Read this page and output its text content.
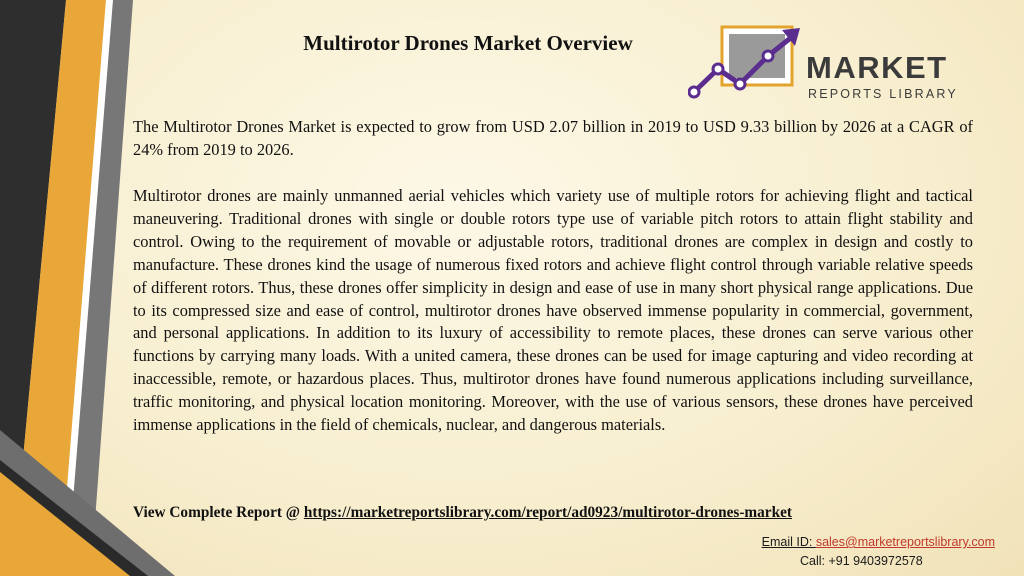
Multirotor Drones Market Overview
MARKET
REPORTS LIBRARY

The Multirotor Drones Market is expected to grow from USD 2.07 billion in 2019 to USD 9.33 billion by 2026 at a CAGR of 24% from 2019 to 2026.

Multirotor drones are mainly unmanned aerial vehicles which variety use of multiple rotors for achieving flight and tactical maneuvering. Traditional drones with single or double rotors type use of variable pitch rotors to attain flight stability and control. Owing to the requirement of movable or adjustable rotors, traditional drones are complex in design and costly to manufacture. These drones kind the usage of numerous fixed rotors and achieve flight control through variable relative speeds of different rotors. Thus, these drones offer simplicity in design and ease of use in many short physical range applications. Due to its compressed size and ease of control, multirotor drones have observed immense popularity in commercial, government, and personal applications. In addition to its luxury of accessibility to remote places, these drones can serve various other functions by carrying many loads. With a united camera, these drones can be used for image capturing and video recording at inaccessible, remote, or hazardous places. Thus, multirotor drones have found numerous applications including surveillance, traffic monitoring, and physical location monitoring. Moreover, with the use of various sensors, these drones have perceived immense applications in the field of chemicals, nuclear, and dangerous materials.

View Complete Report @ https://marketreportslibrary.com/report/ad0923/multirotor-drones-market
Email ID: sales@marketreportslibrary.com
Call: +91 9403972578
